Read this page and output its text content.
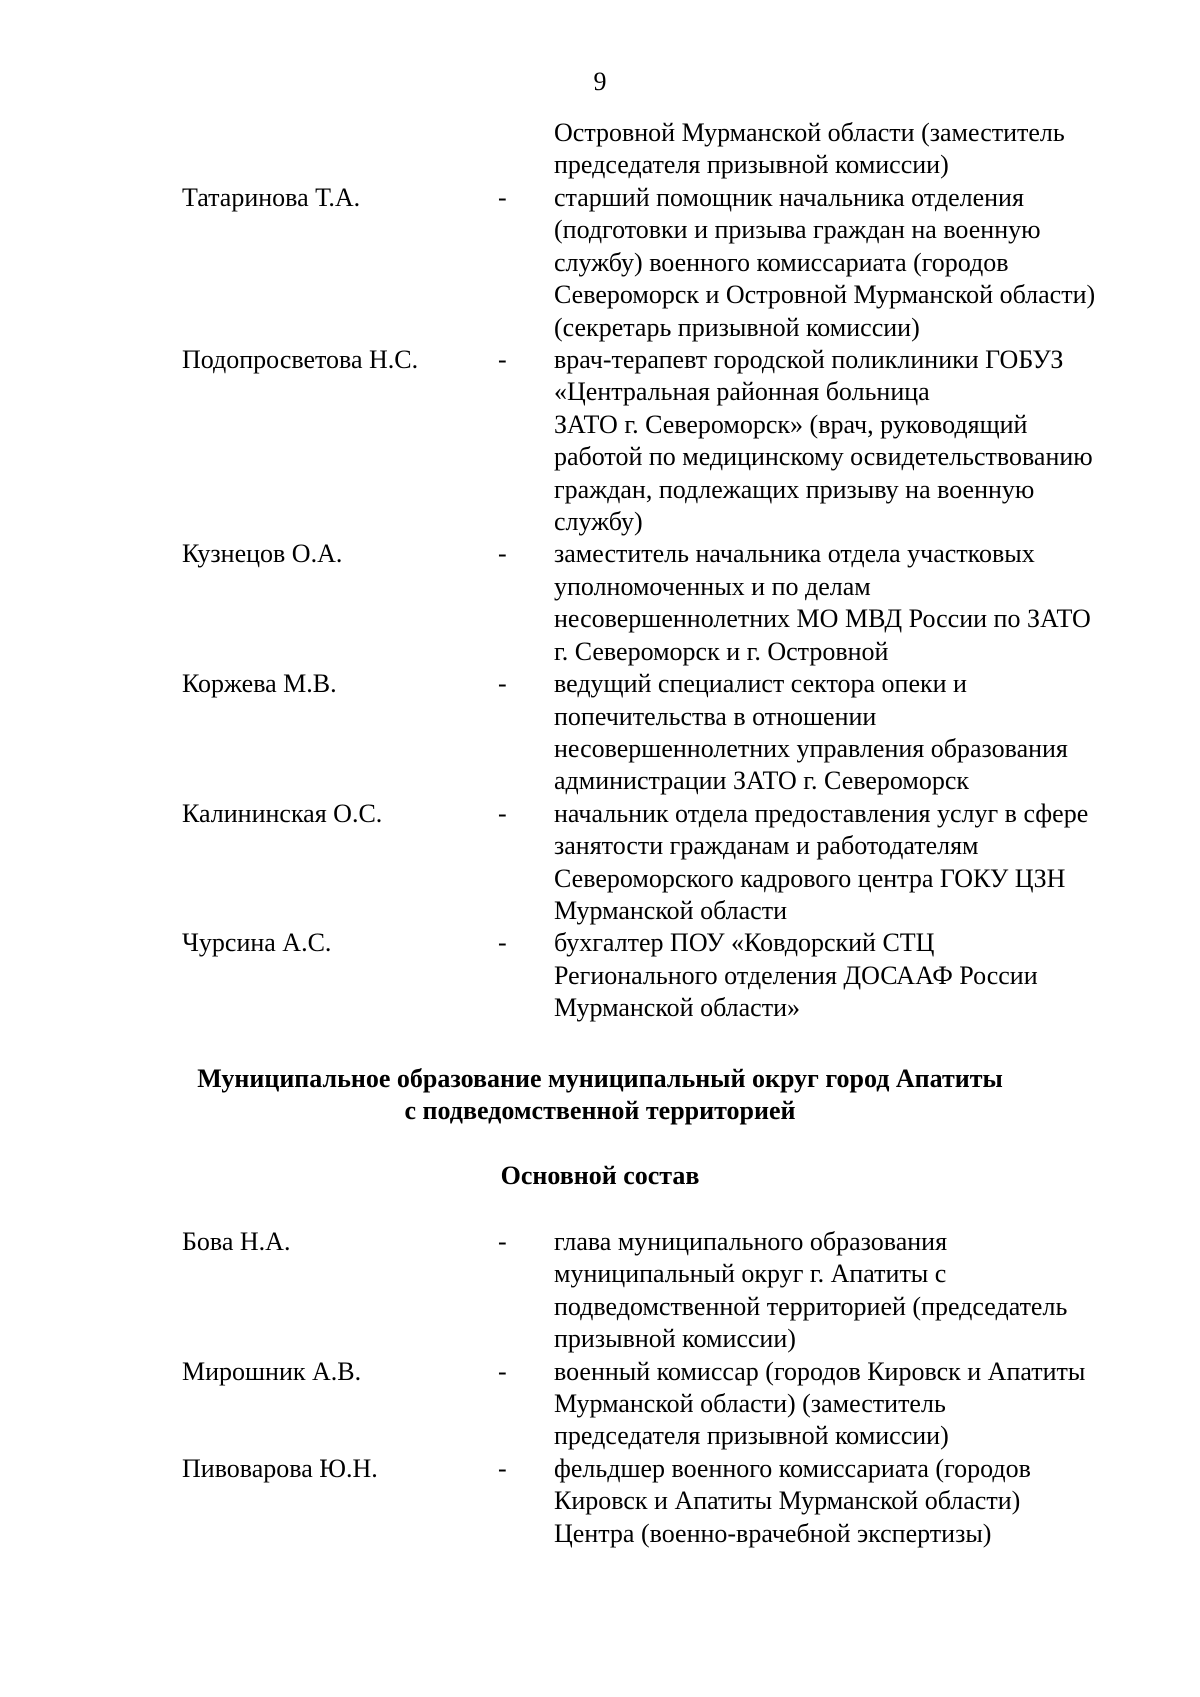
9
Островной Мурманской области (заместитель
председателя призывной комиссии)
Татаринова Т.А.	-	старший помощник начальника отделения
(подготовки и призыва граждан на военную
службу) военного комиссариата (городов
Североморск и Островной Мурманской области)
(секретарь призывной комиссии)
Подопросветова Н.С.	-	врач-терапевт городской поликлиники ГОБУЗ
«Центральная районная больница
ЗАТО г. Североморск» (врач, руководящий
работой по медицинскому освидетельствованию
граждан, подлежащих призыву на военную
службу)
Кузнецов О.А.	-	заместитель начальника отдела участковых
уполномоченных и по делам
несовершеннолетних МО МВД России по ЗАТО
г. Североморск и г. Островной
Коржева М.В.	-	ведущий специалист сектора опеки и
попечительства в отношении
несовершеннолетних управления образования
администрации ЗАТО г. Североморск
Калининская О.С.	-	начальник отдела предоставления услуг в сфере
занятости гражданам и работодателям
Североморского кадрового центра ГОКУ ЦЗН
Мурманской области
Чурсина А.С.	-	бухгалтер ПОУ «Ковдорский СТЦ
Регионального отделения ДОСААФ России
Мурманской области»
Муниципальное образование муниципальный округ город Апатиты
с подведомственной территорией
Основной состав
Бова Н.А.	-	глава муниципального образования
муниципальный округ г. Апатиты с
подведомственной территорией (председатель
призывной комиссии)
Мирошник А.В.	-	военный комиссар (городов Кировск и Апатиты
Мурманской области) (заместитель
председателя призывной комиссии)
Пивоварова Ю.Н.	-	фельдшер военного комиссариата (городов
Кировск и Апатиты Мурманской области)
Центра (военно-врачебной экспертизы)
